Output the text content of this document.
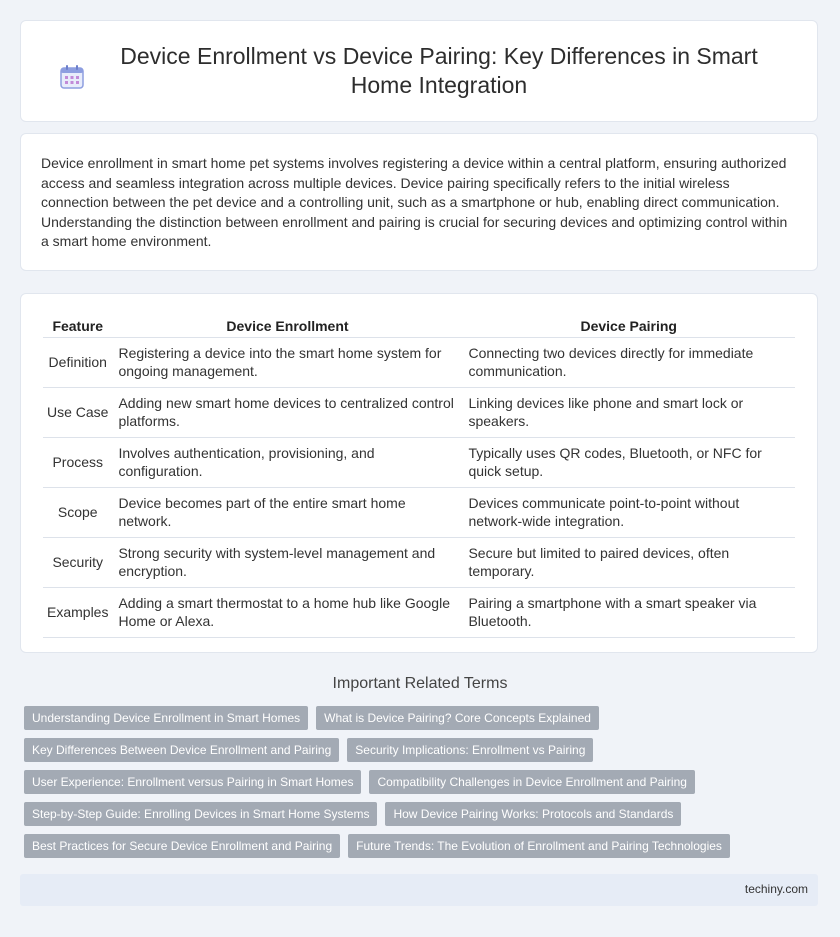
Device Enrollment vs Device Pairing: Key Differences in Smart Home Integration

Device enrollment in smart home pet systems involves registering a device within a central platform, ensuring authorized access and seamless integration across multiple devices. Device pairing specifically refers to the initial wireless connection between the pet device and a controlling unit, such as a smartphone or hub, enabling direct communication. Understanding the distinction between enrollment and pairing is crucial for securing devices and optimizing control within a smart home environment.

Feature	Device Enrollment	Device Pairing
Definition	Registering a device into the smart home system for ongoing management.	Connecting two devices directly for immediate communication.
Use Case	Adding new smart home devices to centralized control platforms.	Linking devices like phone and smart lock or speakers.
Process	Involves authentication, provisioning, and configuration.	Typically uses QR codes, Bluetooth, or NFC for quick setup.
Scope	Device becomes part of the entire smart home network.	Devices communicate point-to-point without network-wide integration.
Security	Strong security with system-level management and encryption.	Secure but limited to paired devices, often temporary.
Examples	Adding a smart thermostat to a home hub like Google Home or Alexa.	Pairing a smartphone with a smart speaker via Bluetooth.
Important Related Terms
Understanding Device Enrollment in Smart Homes	What is Device Pairing? Core Concepts Explained
Key Differences Between Device Enrollment and Pairing	Security Implications: Enrollment vs Pairing
User Experience: Enrollment versus Pairing in Smart Homes	Compatibility Challenges in Device Enrollment and Pairing
Step-by-Step Guide: Enrolling Devices in Smart Home Systems	How Device Pairing Works: Protocols and Standards
Best Practices for Secure Device Enrollment and Pairing	Future Trends: The Evolution of Enrollment and Pairing Technologies
techiny.com
